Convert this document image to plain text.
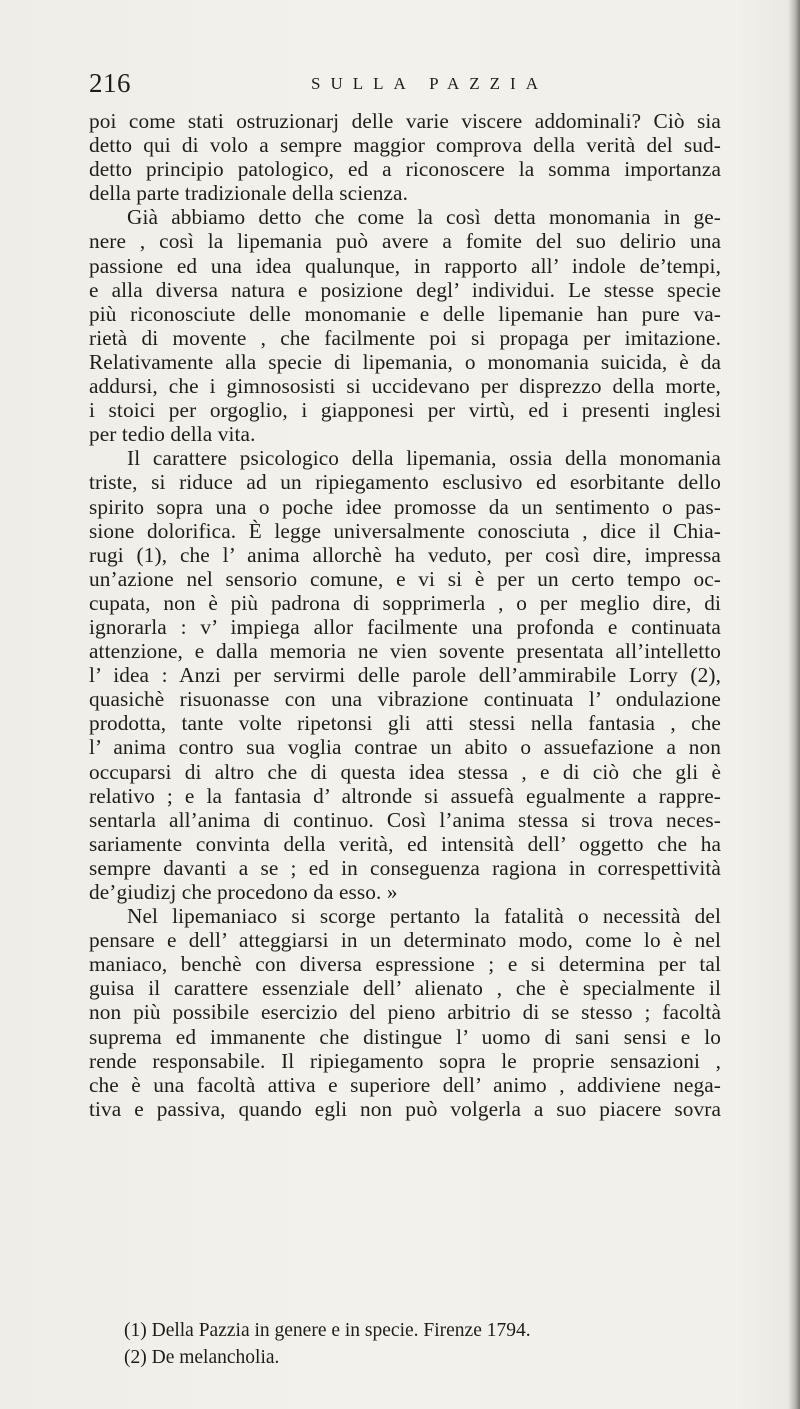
216	SULLA PAZZIA
poi come stati ostruzionarj delle varie viscere addominali? Ciò sia
detto qui di volo a sempre maggior comprova della verità del sud-
detto principio patologico, ed a riconoscere la somma importanza
della parte tradizionale della scienza.
Già abbiamo detto che come la così detta monomania in ge-
nere , così la lipemania può avere a fomite del suo delirio una
passione ed una idea qualunque, in rapporto all’ indole de’tempi,
e alla diversa natura e posizione degl’ individui. Le stesse specie
più riconosciute delle monomanie e delle lipemanie han pure va-
rietà di movente , che facilmente poi si propaga per imitazione.
Relativamente alla specie di lipemania, o monomania suicida, è da
addursi, che i gimnososisti si uccidevano per disprezzo della morte,
i stoici per orgoglio, i giapponesi per virtù, ed i presenti inglesi
per tedio della vita.
Il carattere psicologico della lipemania, ossia della monomania
triste, si riduce ad un ripiegamento esclusivo ed esorbitante dello
spirito sopra una o poche idee promosse da un sentimento o pas-
sione dolorifica. È legge universalmente conosciuta , dice il Chia-
rugi (1), che l’ anima allorchè ha veduto, per così dire, impressa
un’azione nel sensorio comune, e vi si è per un certo tempo oc-
cupata, non è più padrona di sopprimerla , o per meglio dire, di
ignorarla : v’ impiega allor facilmente una profonda e continuata
attenzione, e dalla memoria ne vien sovente presentata all’intelletto
l’ idea : Anzi per servirmi delle parole dell’ammirabile Lorry (2),
quasichè risuonasse con una vibrazione continuata l’ ondulazione
prodotta, tante volte ripetonsi gli atti stessi nella fantasia , che
l’ anima contro sua voglia contrae un abito o assuefazione a non
occuparsi di altro che di questa idea stessa , e di ciò che gli è
relativo ; e la fantasia d’ altronde si assuefà egualmente a rappre-
sentarla all’anima di continuo. Così l’anima stessa si trova neces-
sariamente convinta della verità, ed intensità dell’ oggetto che ha
sempre davanti a se ; ed in conseguenza ragiona in correspettività
de’giudizj che procedono da esso. »
Nel lipemaniaco si scorge pertanto la fatalità o necessità del
pensare e dell’ atteggiarsi in un determinato modo, come lo è nel
maniaco, benchè con diversa espressione ; e si determina per tal
guisa il carattere essenziale dell’ alienato , che è specialmente il
non più possibile esercizio del pieno arbitrio di se stesso ; facoltà
suprema ed immanente che distingue l’ uomo di sani sensi e lo
rende responsabile. Il ripiegamento sopra le proprie sensazioni ,
che è una facoltà attiva e superiore dell’ animo , addiviene nega-
tiva e passiva, quando egli non può volgerla a suo piacere sovra
(1) Della Pazzia in genere e in specie. Firenze 1794.
(2) De melancholia.
